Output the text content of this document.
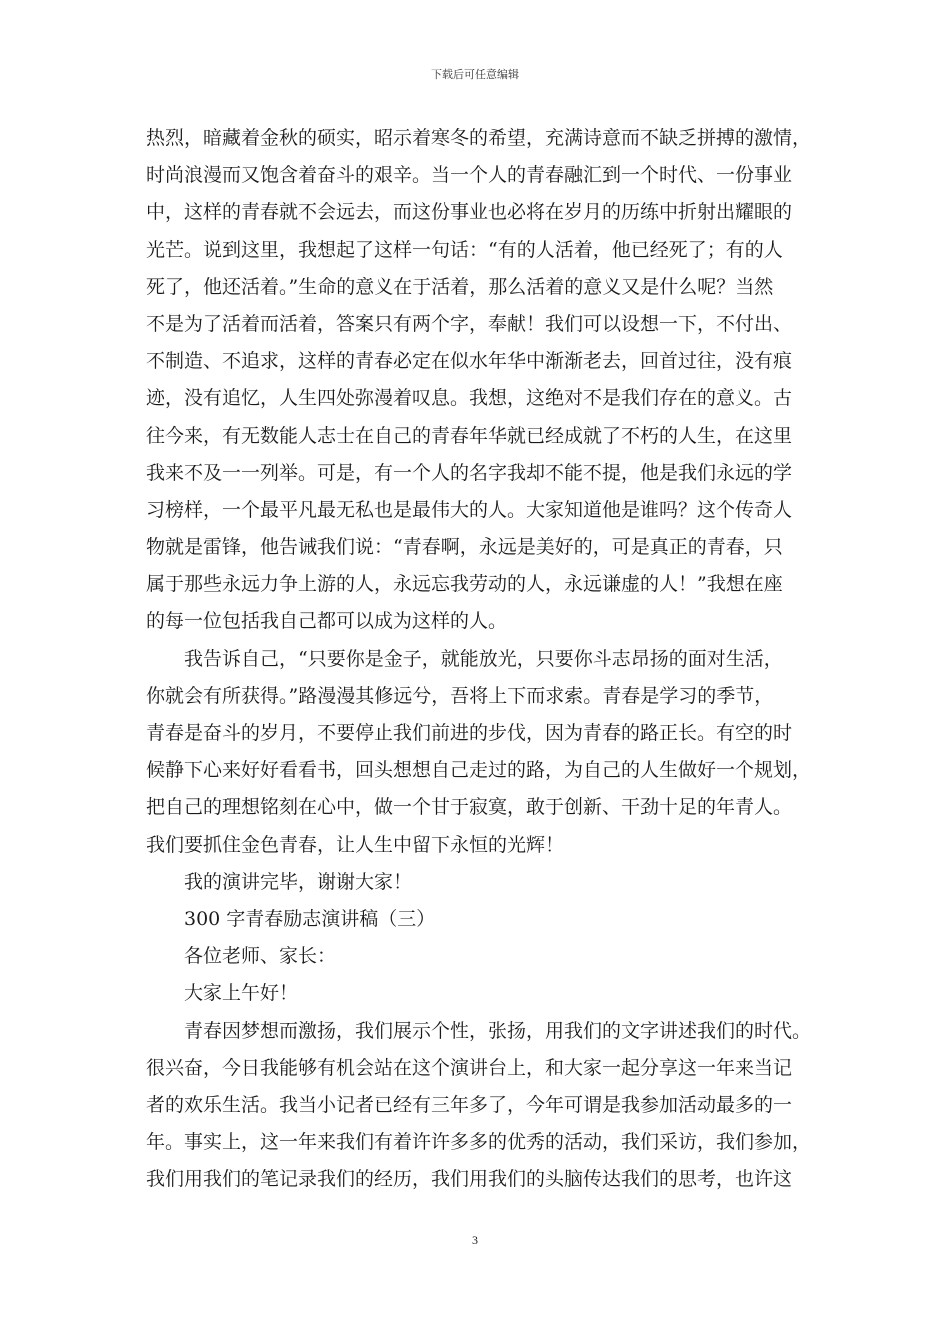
下载后可任意编辑
热烈，暗藏着金秋的硕实，昭示着寒冬的希望，充满诗意而不缺乏拼搏的激情，
时尚浪漫而又饱含着奋斗的艰辛。当一个人的青春融汇到一个时代、一份事业
中，这样的青春就不会远去，而这份事业也必将在岁月的历练中折射出耀眼的
光芒。说到这里，我想起了这样一句话：“有的人活着，他已经死了；有的人
死了，他还活着。”生命的意义在于活着，那么活着的意义又是什么呢？当然
不是为了活着而活着，答案只有两个字，奉献！我们可以设想一下，不付出、
不制造、不追求，这样的青春必定在似水年华中渐渐老去，回首过往，没有痕
迹，没有追忆，人生四处弥漫着叹息。我想，这绝对不是我们存在的意义。古
往今来，有无数能人志士在自己的青春年华就已经成就了不朽的人生，在这里
我来不及一一列举。可是，有一个人的名字我却不能不提，他是我们永远的学
习榜样，一个最平凡最无私也是最伟大的人。大家知道他是谁吗？这个传奇人
物就是雷锋，他告诫我们说：“青春啊，永远是美好的，可是真正的青春，只
属于那些永远力争上游的人，永远忘我劳动的人，永远谦虚的人！”我想在座
的每一位包括我自己都可以成为这样的人。
我告诉自己，“只要你是金子，就能放光，只要你斗志昂扬的面对生活，
你就会有所获得。”路漫漫其修远兮，吾将上下而求索。青春是学习的季节，
青春是奋斗的岁月，不要停止我们前进的步伐，因为青春的路正长。有空的时
候静下心来好好看看书，回头想想自己走过的路，为自己的人生做好一个规划，
把自己的理想铭刻在心中，做一个甘于寂寞，敢于创新、干劲十足的年青人。
我们要抓住金色青春，让人生中留下永恒的光辉！
我的演讲完毕，谢谢大家！
300 字青春励志演讲稿（三）
各位老师、家长：
大家上午好！
青春因梦想而激扬，我们展示个性，张扬，用我们的文字讲述我们的时代。
很兴奋，今日我能够有机会站在这个演讲台上，和大家一起分享这一年来当记
者的欢乐生活。我当小记者已经有三年多了，今年可谓是我参加活动最多的一
年。事实上，这一年来我们有着许许多多的优秀的活动，我们采访，我们参加，
我们用我们的笔记录我们的经历，我们用我们的头脑传达我们的思考，也许这
3
